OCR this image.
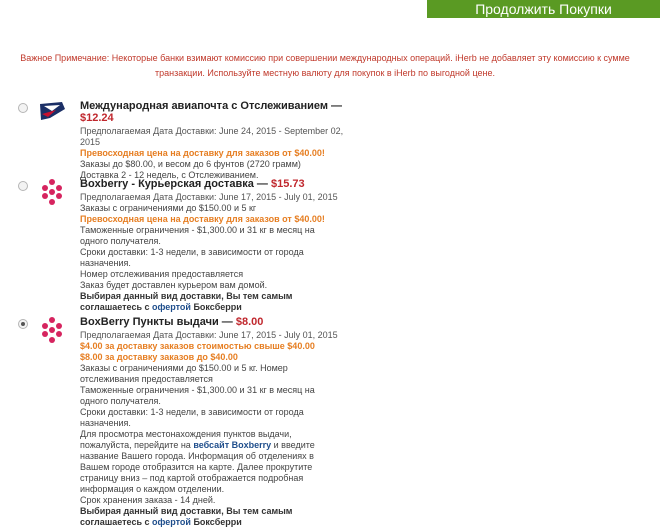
Продолжить Покупки
Важное Примечание: Некоторые банки взимают комиссию при совершении международных операций. iHerb не добавляет эту комиссию к сумме
транзакции. Используйте местную валюту для покупок в iHerb по выгодной цене.
Международная авиапочта с Отслеживанием —
$12.24
Предполагаемая Дата Доставки: June 24, 2015 - September 02, 2015
Превосходная цена на доставку для заказов от $40.00!
Заказы до $80.00, и весом до 6 фунтов (2720 грамм)
Доставка 2 - 12 недель, с Отслеживанием.
Boxberry - Курьерская доставка — $15.73
Предполагаемая Дата Доставки: June 17, 2015 - July 01, 2015
Заказы с ограничениями до $150.00 и 5 кг
Превосходная цена на доставку для заказов от $40.00!
Таможенные ограничения - $1,300.00 и 31 кг в месяц на
одного получателя.
Сроки доставки: 1-3 недели, в зависимости от города
назначения.
Номер отслеживания предоставляется
Заказ будет доставлен курьером вам домой.
Выбирая данный вид доставки, Вы тем самым
соглашаетесь с офертой Боксберри
BoxBerry Пункты выдачи — $8.00
Предполагаемая Дата Доставки: June 17, 2015 - July 01, 2015
$4.00 за доставку заказов стоимостью свыше $40.00
$8.00 за доставку заказов до $40.00
Заказы с ограничениями до $150.00 и 5 кг. Номер
отслеживания предоставляется
Таможенные ограничения - $1,300.00 и 31 кг в месяц на
одного получателя.
Сроки доставки: 1-3 недели, в зависимости от города
назначения.
Для просмотра местонахождения пунктов выдачи,
пожалуйста, перейдите на вебсайт Boxberry и введите
название Вашего города. Информация об отделениях в
Вашем городе отобразится на карте. Далее прокрутите
страницу вниз – под картой отображается подробная
информация о каждом отделении.
Срок хранения заказа - 14 дней.
Выбирая данный вид доставки, Вы тем самым
соглашаетесь с офертой Боксберри
